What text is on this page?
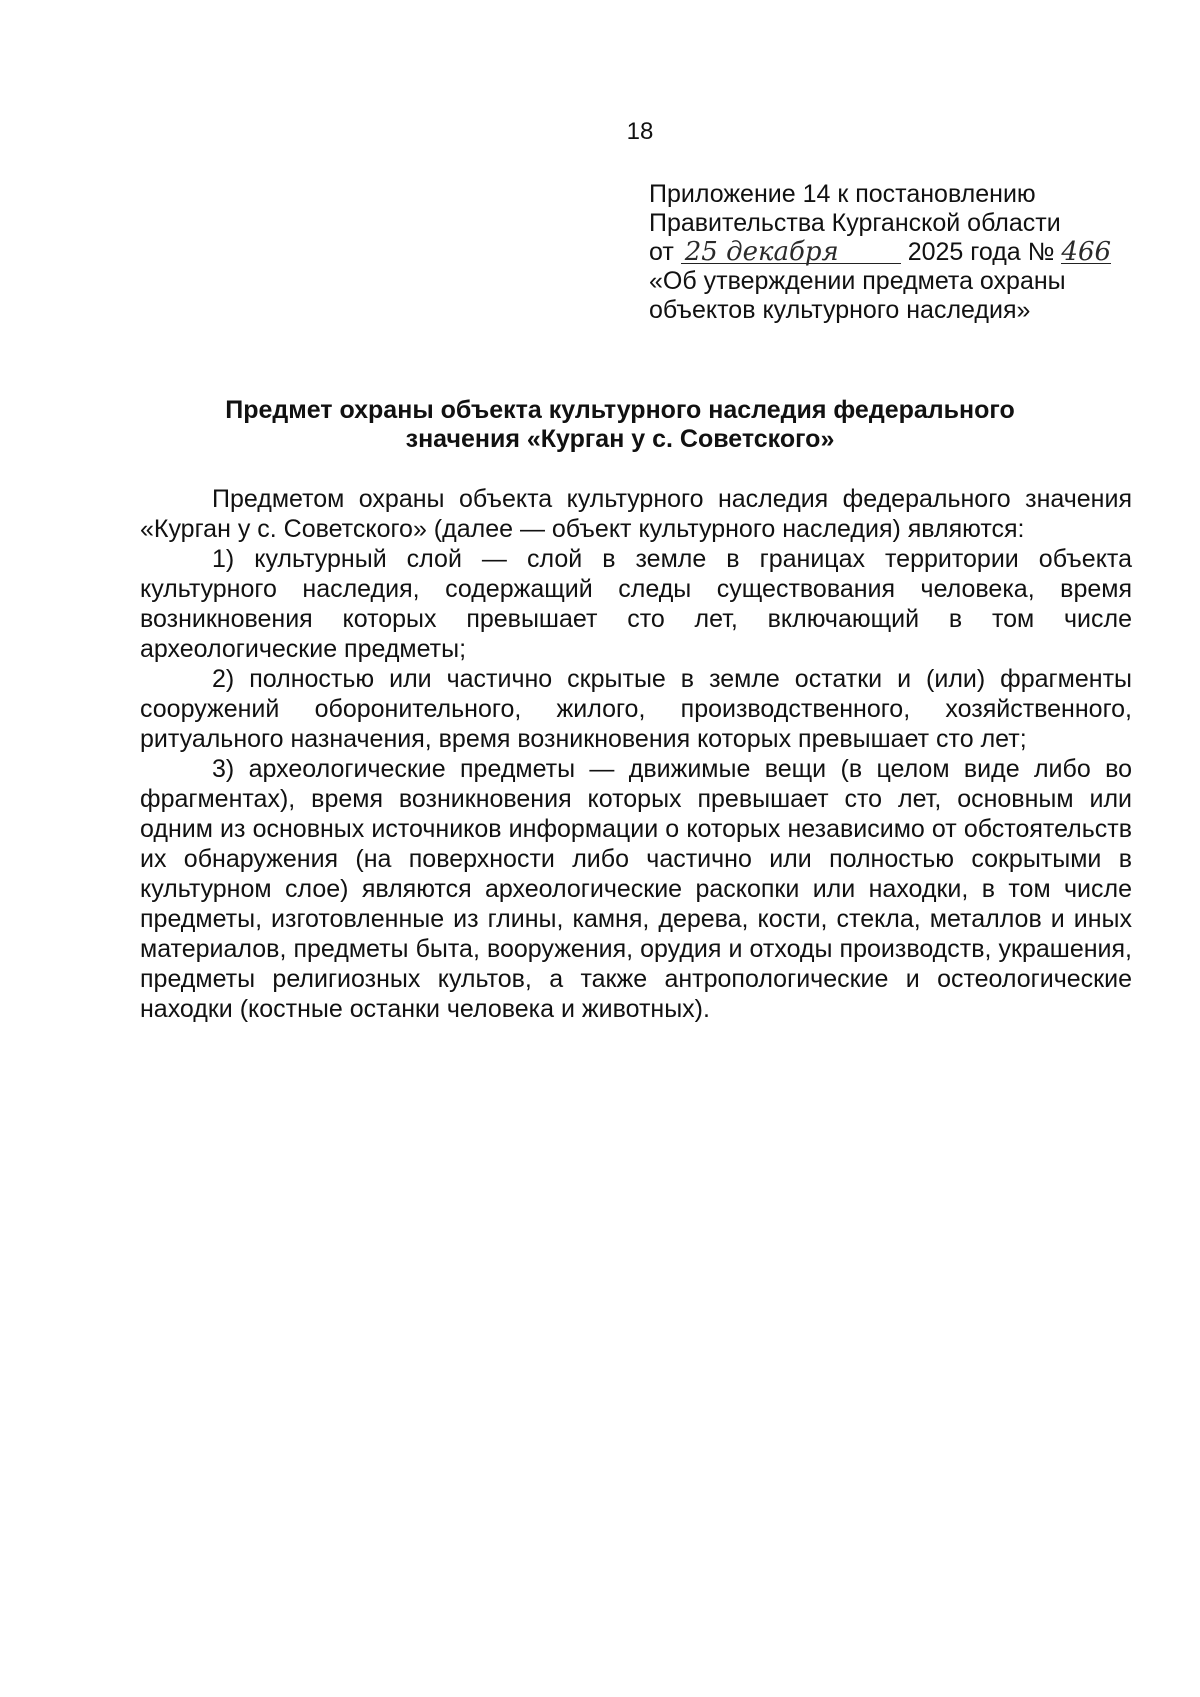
18
Приложение 14 к постановлению
Правительства Курганской области
от 25 декабря	2025 года № 466
«Об утверждении предмета охраны
объектов культурного наследия»
Предмет охраны объекта культурного наследия федерального
значения «Курган у с. Советского»

Предметом охраны объекта культурного наследия федерального значения «Курган у с. Советского» (далее — объект культурного наследия) являются:

1) культурный слой — слой в земле в границах территории объекта культурного наследия, содержащий следы существования человека, время возникновения которых превышает сто лет, включающий в том числе археологические предметы;

2) полностью или частично скрытые в земле остатки и (или) фрагменты сооружений оборонительного, жилого, производственного, хозяйственного, ритуального назначения, время возникновения которых превышает сто лет;

3) археологические предметы — движимые вещи (в целом виде либо во фрагментах), время возникновения которых превышает сто лет, основным или одним из основных источников информации о которых независимо от обстоятельств их обнаружения (на поверхности либо частично или полностью сокрытыми в культурном слое) являются археологические раскопки или находки, в том числе предметы, изготовленные из глины, камня, дерева, кости, стекла, металлов и иных материалов, предметы быта, вооружения, орудия и отходы производств, украшения, предметы религиозных культов, а также антропологические и остеологические находки (костные останки человека и животных).
